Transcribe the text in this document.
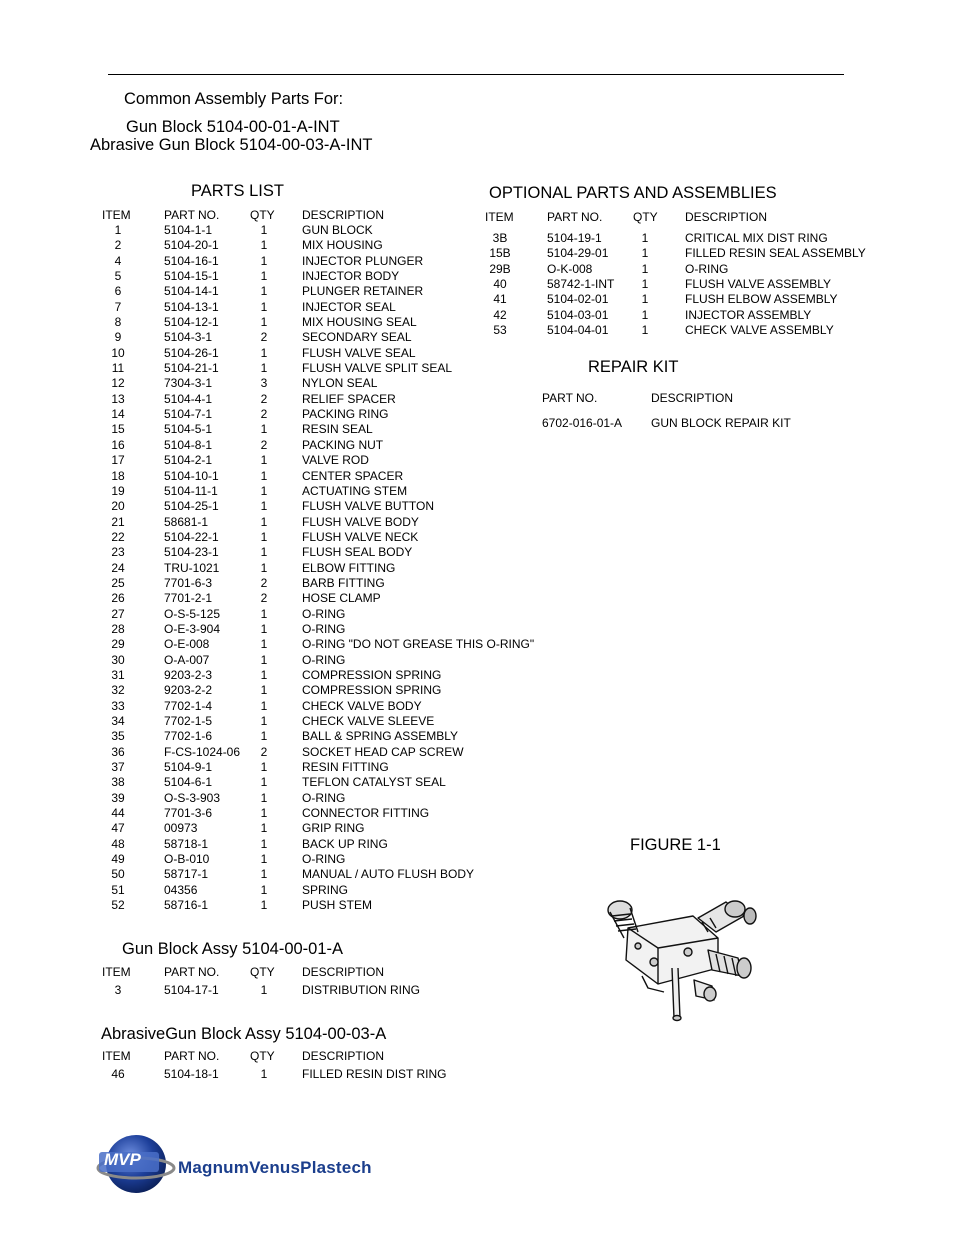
Common Assembly Parts For:
Gun Block 5104-00-01-A-INT
Abrasive Gun Block 5104-00-03-A-INT
PARTS LIST
ITEM	PART NO.	QTY DESCRIPTION
1	5104-1-1	1	GUN BLOCK
2	5104-20-1	1	MIX HOUSING
4	5104-16-1	1	INJECTOR PLUNGER
5	5104-15-1	1	INJECTOR BODY
6	5104-14-1	1	PLUNGER RETAINER
7	5104-13-1	1	INJECTOR SEAL
8	5104-12-1	1	MIX HOUSING SEAL
9	5104-3-1	2	SECONDARY SEAL
10	5104-26-1	1	FLUSH VALVE SEAL
11	5104-21-1	1	FLUSH VALVE SPLIT SEAL
12	7304-3-1	3	NYLON SEAL
13	5104-4-1	2	RELIEF SPACER
14	5104-7-1	2	PACKING RING
15	5104-5-1	1	RESIN SEAL
16	5104-8-1	2	PACKING NUT
17	5104-2-1	1	VALVE ROD
18	5104-10-1	1	CENTER SPACER
19	5104-11-1	1	ACTUATING STEM
20	5104-25-1	1	FLUSH VALVE BUTTON
21	58681-1	1	FLUSH VALVE BODY
22	5104-22-1	1	FLUSH VALVE NECK
23	5104-23-1	1	FLUSH SEAL BODY
24	TRU-1021	1	ELBOW FITTING
25	7701-6-3	2	BARB FITTING
26	7701-2-1	2	HOSE CLAMP
27	O-S-5-125	1	O-RING
28	O-E-3-904	1	O-RING
29	O-E-008	1	O-RING "DO NOT GREASE THIS O-RING"
30	O-A-007	1	O-RING
31	9203-2-3	1	COMPRESSION SPRING
32	9203-2-2	1	COMPRESSION SPRING
33	7702-1-4	1	CHECK VALVE BODY
34	7702-1-5	1	CHECK VALVE SLEEVE
35	7702-1-6	1	BALL & SPRING ASSEMBLY
36	F-CS-1024-06	2	SOCKET HEAD CAP SCREW
37	5104-9-1	1	RESIN FITTING
38	5104-6-1	1	TEFLON CATALYST SEAL
39	O-S-3-903	1	O-RING
44	7701-3-6	1	CONNECTOR FITTING
47	00973	1	GRIP RING
48	58718-1	1	BACK UP RING
49	O-B-010	1	O-RING
50	58717-1	1	MANUAL / AUTO FLUSH BODY
51	04356	1	SPRING
52	58716-1	1	PUSH STEM
OPTIONAL PARTS AND ASSEMBLIES
ITEM	PART NO.	QTY DESCRIPTION
3B	5104-19-1	1	CRITICAL MIX DIST RING
15B	5104-29-01	1	FILLED RESIN SEAL ASSEMBLY
29B	O-K-008	1	O-RING
40	58742-1-INT	1	FLUSH VALVE ASSEMBLY
41	5104-02-01	1	FLUSH ELBOW ASSEMBLY
42	5104-03-01	1	INJECTOR ASSEMBLY
53	5104-04-01	1	CHECK VALVE ASSEMBLY
REPAIR KIT
PART NO.	DESCRIPTION
6702-016-01-A GUN BLOCK REPAIR KIT
FIGURE 1-1
Gun Block Assy 5104-00-01-A
ITEM	PART NO.	QTY DESCRIPTION
3	5104-17-1	1	DISTRIBUTION RING
AbrasiveGun Block Assy 5104-00-03-A
ITEM	PART NO.	QTY DESCRIPTION
46	5104-18-1	1	FILLED RESIN DIST RING
MVP MagnumVenusPlastech
